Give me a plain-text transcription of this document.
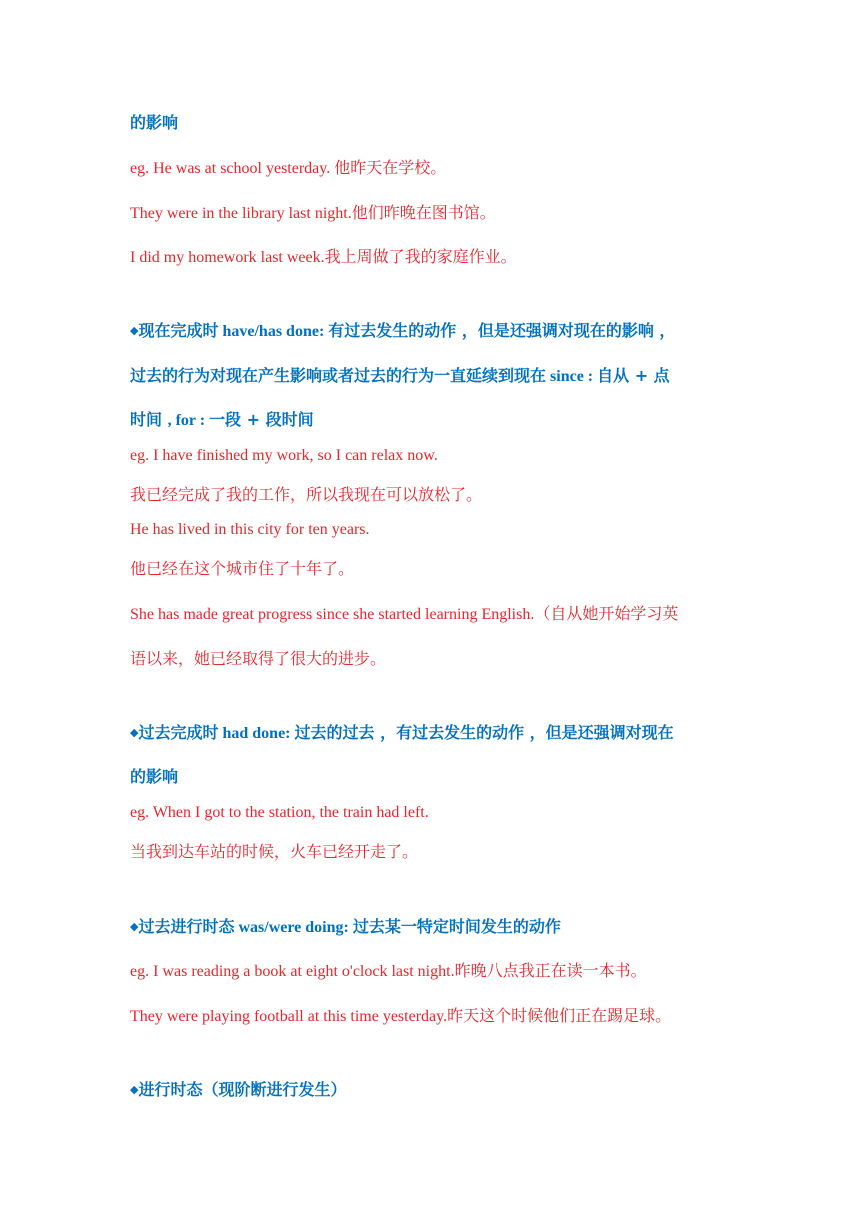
的影响
eg. He was at school yesterday. 他昨天在学校。
They were in the library last night.他们昨晚在图书馆。
I did my homework last week.我上周做了我的家庭作业。
◆现在完成时 have/has done: 有过去发生的动作 ，但是还强调对现在的影响 ，
过去的行为对现在产生影响或者过去的行为一直延续到现在 since : 自从 + 点
时间 , for : 一段 + 段时间
eg. I have finished my work, so I can relax now.
我已经完成了我的工作，所以我现在可以放松了。
He has lived in this city for ten years.
他已经在这个城市住了十年了。
She has made great progress since she started learning English.（自从她开始学习英
语以来，她已经取得了很大的进步。
◆过去完成时 had done: 过去的过去 ，有过去发生的动作 ，但是还强调对现在
的影响
eg. When I got to the station, the train had left.
当我到达车站的时候，火车已经开走了。
◆过去进行时态 was/were doing: 过去某一特定时间发生的动作
eg. I was reading a book at eight o'clock last night.昨晚八点我正在读一本书。
They were playing football at this time yesterday.昨天这个时候他们正在踢足球。
◆进行时态（现阶断进行发生）
